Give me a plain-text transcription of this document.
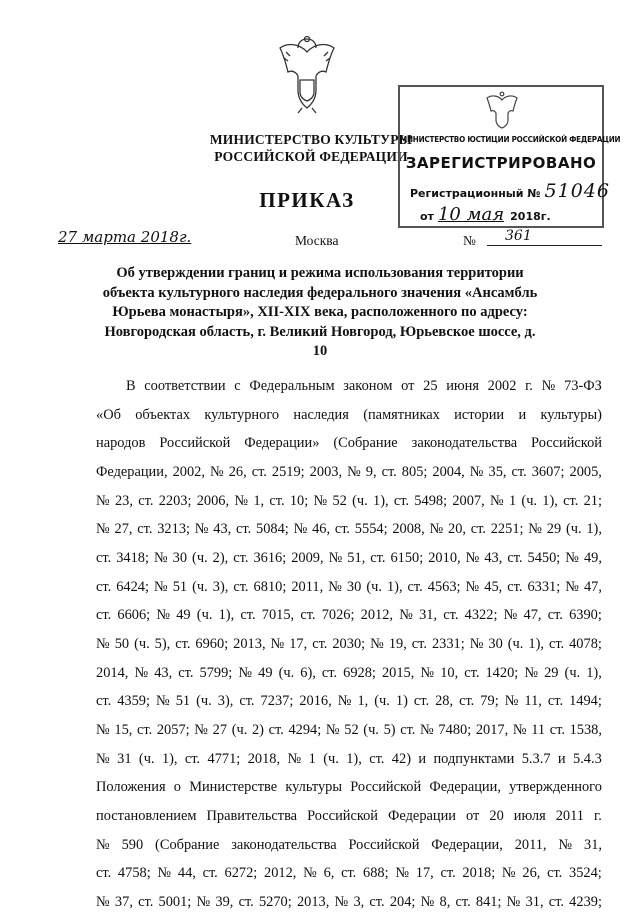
МИНИСТЕРСТВО КУЛЬТУРЫ
РОССИЙСКОЙ ФЕДЕРАЦИИ
ПРИКАЗ
МИНИСТЕРСТВО ЮСТИЦИИ РОССИЙСКОЙ ФЕДЕРАЦИИ
ЗАРЕГИСТРИРОВАНО
Регистрационный № 51046
от 10 мая 2018г.
27 марта 2018г.	Москва	№	361
Об утверждении границ и режима использования территории
объекта культурного наследия федерального значения «Ансамбль
Юрьева монастыря», XII-XIX века, расположенного по адресу:
Новгородская область, г. Великий Новгород, Юрьевское шоссе, д. 10
В соответствии с Федеральным законом от 25 июня 2002 г. № 73-ФЗ
«Об объектах культурного наследия (памятниках истории и культуры)
народов Российской Федерации» (Собрание законодательства Российской
Федерации, 2002, № 26, ст. 2519; 2003, № 9, ст. 805; 2004, № 35, ст. 3607; 2005,
№ 23, ст. 2203; 2006, № 1, ст. 10; № 52 (ч. 1), ст. 5498; 2007, № 1 (ч. 1), ст. 21;
№ 27, ст. 3213; № 43, ст. 5084; № 46, ст. 5554; 2008, № 20, ст. 2251; № 29 (ч. 1),
ст. 3418; № 30 (ч. 2), ст. 3616; 2009, № 51, ст. 6150; 2010, № 43, ст. 5450; № 49,
ст. 6424; № 51 (ч. 3), ст. 6810; 2011, № 30 (ч. 1), ст. 4563; № 45, ст. 6331; № 47,
ст. 6606; № 49 (ч. 1), ст. 7015, ст. 7026; 2012, № 31, ст. 4322; № 47, ст. 6390;
№ 50 (ч. 5), ст. 6960; 2013, № 17, ст. 2030; № 19, ст. 2331; № 30 (ч. 1), ст. 4078;
2014, № 43, ст. 5799; № 49 (ч. 6), ст. 6928; 2015, № 10, ст. 1420; № 29 (ч. 1),
ст. 4359; № 51 (ч. 3), ст. 7237; 2016, № 1, (ч. 1) ст. 28, ст. 79; № 11, ст. 1494;
№ 15, ст. 2057; № 27 (ч. 2) ст. 4294; № 52 (ч. 5) ст. № 7480; 2017, № 11 ст. 1538,
№ 31 (ч. 1), ст. 4771; 2018, № 1 (ч. 1), ст. 42) и подпунктами 5.3.7 и 5.4.3
Положения о Министерстве культуры Российской Федерации, утвержденного
постановлением Правительства Российской Федерации от 20 июля 2011 г.
№ 590 (Собрание законодательства Российской Федерации, 2011, № 31,
ст. 4758; № 44, ст. 6272; 2012, № 6, ст. 688; № 17, ст. 2018; № 26, ст. 3524;
№ 37, ст. 5001; № 39, ст. 5270; 2013, № 3, ст. 204; № 8, ст. 841; № 31, ст. 4239;
